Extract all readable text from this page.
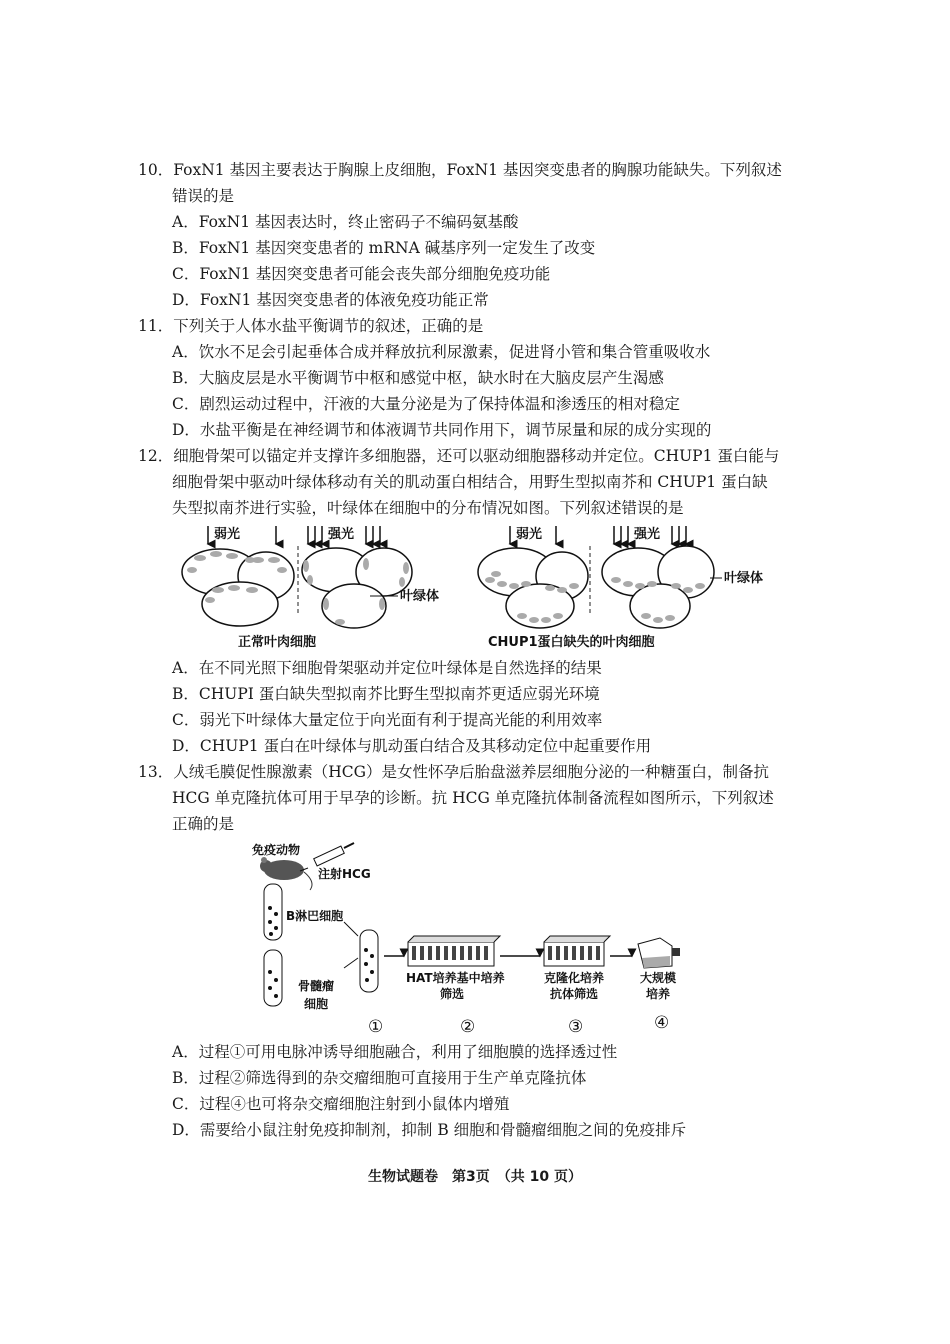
10．FoxN1 基因主要表达于胸腺上皮细胞，FoxN1 基因突变患者的胸腺功能缺失。下列叙述
错误的是
A．FoxN1 基因表达时，终止密码子不编码氨基酸
B．FoxN1 基因突变患者的 mRNA 碱基序列一定发生了改变
C．FoxN1 基因突变患者可能会丧失部分细胞免疫功能
D．FoxN1 基因突变患者的体液免疫功能正常
11．下列关于人体水盐平衡调节的叙述，正确的是
A．饮水不足会引起垂体合成并释放抗利尿激素，促进肾小管和集合管重吸收水
B．大脑皮层是水平衡调节中枢和感觉中枢，缺水时在大脑皮层产生渴感
C．剧烈运动过程中，汗液的大量分泌是为了保持体温和渗透压的相对稳定
D．水盐平衡是在神经调节和体液调节共同作用下，调节尿量和尿的成分实现的
12．细胞骨架可以锚定并支撑许多细胞器，还可以驱动细胞器移动并定位。CHUP1 蛋白能与
细胞骨架中驱动叶绿体移动有关的肌动蛋白相结合，用野生型拟南芥和 CHUP1 蛋白缺
失型拟南芥进行实验，叶绿体在细胞中的分布情况如图。下列叙述错误的是
弱光	强光
叶绿体
正常叶肉细胞
弱光	强光
叶绿体
CHUP1蛋白缺失的叶肉细胞
A．在不同光照下细胞骨架驱动并定位叶绿体是自然选择的结果
B．CHUPI 蛋白缺失型拟南芥比野生型拟南芥更适应弱光环境
C．弱光下叶绿体大量定位于向光面有利于提高光能的利用效率
D．CHUP1 蛋白在叶绿体与肌动蛋白结合及其移动定位中起重要作用
13．人绒毛膜促性腺激素（HCG）是女性怀孕后胎盘滋养层细胞分泌的一种糖蛋白，制备抗
HCG 单克隆抗体可用于早孕的诊断。抗 HCG 单克隆抗体制备流程如图所示，下列叙述
正确的是
免疫动物
注射HCG
B淋巴细胞
骨髓瘤
细胞
HAT培养基中培养
筛选
克隆化培养
抗体筛选
大规模
培养
①	②	③	④
A．过程①可用电脉冲诱导细胞融合，利用了细胞膜的选择透过性
B．过程②筛选得到的杂交瘤细胞可直接用于生产单克隆抗体
C．过程④也可将杂交瘤细胞注射到小鼠体内增殖
D．需要给小鼠注射免疫抑制剂，抑制 B 细胞和骨髓瘤细胞之间的免疫排斥
生物试题卷　第3页　（共 10 页）
